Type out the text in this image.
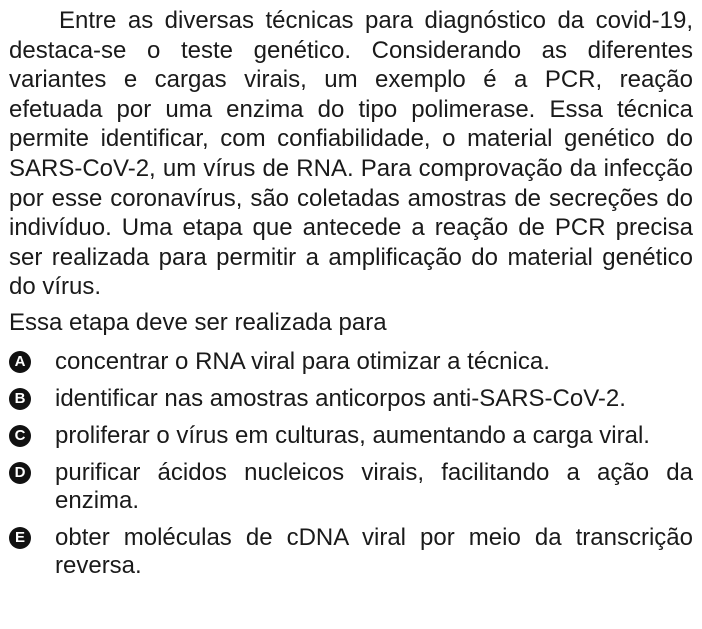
Entre as diversas técnicas para diagnóstico da covid-19, destaca-se o teste genético. Considerando as diferentes variantes e cargas virais, um exemplo é a PCR, reação efetuada por uma enzima do tipo polimerase. Essa técnica permite identificar, com confiabilidade, o material genético do SARS-CoV-2, um vírus de RNA. Para comprovação da infecção por esse coronavírus, são coletadas amostras de secreções do indivíduo. Uma etapa que antecede a reação de PCR precisa ser realizada para permitir a amplificação do material genético do vírus.

Essa etapa deve ser realizada para

A concentrar o RNA viral para otimizar a técnica.
B identificar nas amostras anticorpos anti-SARS-CoV-2.
C proliferar o vírus em culturas, aumentando a carga viral.
D purificar ácidos nucleicos virais, facilitando a ação da enzima.
E obter moléculas de cDNA viral por meio da transcrição reversa.
